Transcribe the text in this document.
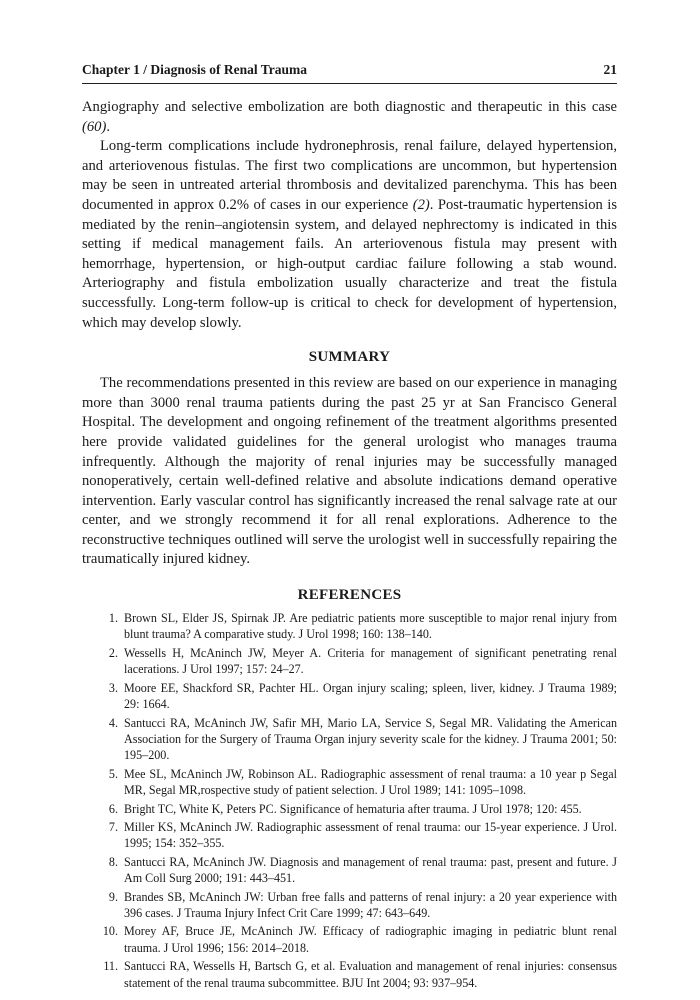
Chapter 1 / Diagnosis of Renal Trauma	21

Angiography and selective embolization are both diagnostic and therapeutic in this case (60).

Long-term complications include hydronephrosis, renal failure, delayed hypertension, and arteriovenous fistulas. The first two complications are uncommon, but hypertension may be seen in untreated arterial thrombosis and devitalized parenchyma. This has been documented in approx 0.2% of cases in our experience (2). Post-traumatic hypertension is mediated by the renin–angiotensin system, and delayed nephrectomy is indicated in this setting if medical management fails. An arteriovenous fistula may present with hemorrhage, hypertension, or high-output cardiac failure following a stab wound. Arteriography and fistula embolization usually characterize and treat the fistula successfully. Long-term follow-up is critical to check for development of hypertension, which may develop slowly.

SUMMARY

The recommendations presented in this review are based on our experience in managing more than 3000 renal trauma patients during the past 25 yr at San Francisco General Hospital. The development and ongoing refinement of the treatment algorithms presented here provide validated guidelines for the general urologist who manages trauma infrequently. Although the majority of renal injuries may be successfully managed nonoperatively, certain well-defined relative and absolute indications demand operative intervention. Early vascular control has significantly increased the renal salvage rate at our center, and we strongly recommend it for all renal explorations. Adherence to the reconstructive techniques outlined will serve the urologist well in successfully repairing the traumatically injured kidney.

REFERENCES
1. Brown SL, Elder JS, Spirnak JP. Are pediatric patients more susceptible to major renal injury from blunt trauma? A comparative study. J Urol 1998; 160: 138–140.
2. Wessells H, McAninch JW, Meyer A. Criteria for management of significant penetrating renal lacerations. J Urol 1997; 157: 24–27.
3. Moore EE, Shackford SR, Pachter HL. Organ injury scaling; spleen, liver, kidney. J Trauma 1989; 29: 1664.
4. Santucci RA, McAninch JW, Safir MH, Mario LA, Service S, Segal MR. Validating the American Association for the Surgery of Trauma Organ injury severity scale for the kidney. J Trauma 2001; 50: 195–200.
5. Mee SL, McAninch JW, Robinson AL. Radiographic assessment of renal trauma: a 10 year p Segal MR, Segal MR,rospective study of patient selection. J Urol 1989; 141: 1095–1098.
6. Bright TC, White K, Peters PC. Significance of hematuria after trauma. J Urol 1978; 120: 455.
7. Miller KS, McAninch JW. Radiographic assessment of renal trauma: our 15-year experience. J Urol. 1995; 154: 352–355.
8. Santucci RA, McAninch JW. Diagnosis and management of renal trauma: past, present and future. J Am Coll Surg 2000; 191: 443–451.
9. Brandes SB, McAninch JW: Urban free falls and patterns of renal injury: a 20 year experience with 396 cases. J Trauma Injury Infect Crit Care 1999; 47: 643–649.
10. Morey AF, Bruce JE, McAninch JW. Efficacy of radiographic imaging in pediatric blunt renal trauma. J Urol 1996; 156: 2014–2018.
11. Santucci RA, Wessells H, Bartsch G, et al. Evaluation and management of renal injuries: consensus statement of the renal trauma subcommittee. BJU Int 2004; 93: 937–954.
